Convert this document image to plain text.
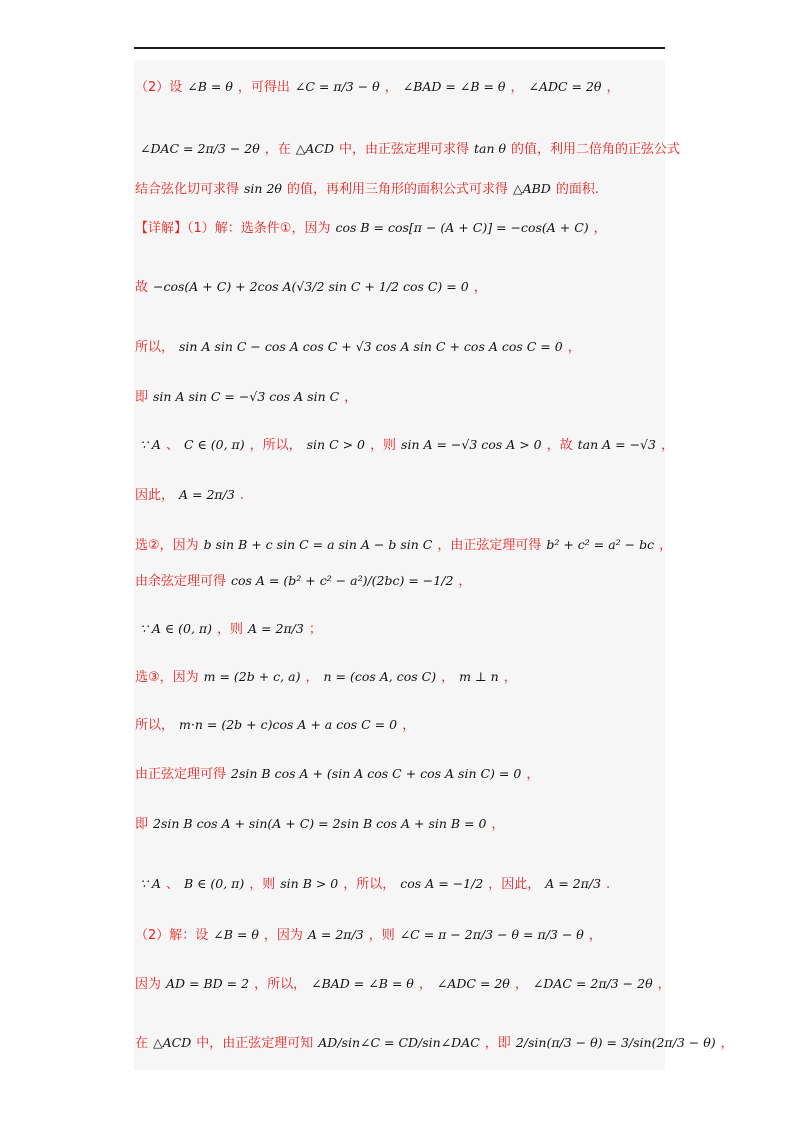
（2）设 ∠B = θ ，可得出 ∠C = π/3 − θ ， ∠BAD = ∠B = θ ， ∠ADC = 2θ ，
∠DAC = 2π/3 − 2θ ，在 △ACD 中，由正弦定理可求得 tan θ 的值，利用二倍角的正弦公式
结合弦化切可求得 sin 2θ 的值，再利用三角形的面积公式可求得 △ABD 的面积.
【详解】（1）解：选条件①，因为 cos B = cos[π − (A + C)] = −cos(A + C) ，
故 −cos(A + C) + 2cos A(√3/2 sin C + 1/2 cos C) = 0 ，
所以， sin A sin C − cos A cos C + √3 cos A sin C + cos A cos C = 0 ，
即 sin A sin C = −√3 cos A sin C ，
∵ A 、 C ∈ (0, π) ，所以， sin C > 0 ，则 sin A = −√3 cos A > 0 ，故 tan A = −√3 ，
因此， A = 2π/3 .
选②，因为 b sin B + c sin C = a sin A − b sin C ，由正弦定理可得 b² + c² = a² − bc ，
由余弦定理可得 cos A = (b² + c² − a²)/(2bc) = −1/2 ，
∵ A ∈ (0, π) ，则 A = 2π/3 ；
选③，因为 m = (2b + c, a) ， n = (cos A, cos C) ， m ⊥ n ，
所以， m·n = (2b + c)cos A + a cos C = 0 ，
由正弦定理可得 2sin B cos A + (sin A cos C + cos A sin C) = 0 ，
即 2sin B cos A + sin(A + C) = 2sin B cos A + sin B = 0 ，
∵ A 、 B ∈ (0, π) ，则 sin B > 0 ，所以， cos A = −1/2 ，因此， A = 2π/3 .
（2）解：设 ∠B = θ ，因为 A = 2π/3 ，则 ∠C = π − 2π/3 − θ = π/3 − θ ，
因为 AD = BD = 2 ，所以， ∠BAD = ∠B = θ ， ∠ADC = 2θ ， ∠DAC = 2π/3 − 2θ ，
在 △ACD 中，由正弦定理可知 AD/sin∠C = CD/sin∠DAC ，即 2/sin(π/3 − θ) = 3/sin(2π/3 − θ) ，
